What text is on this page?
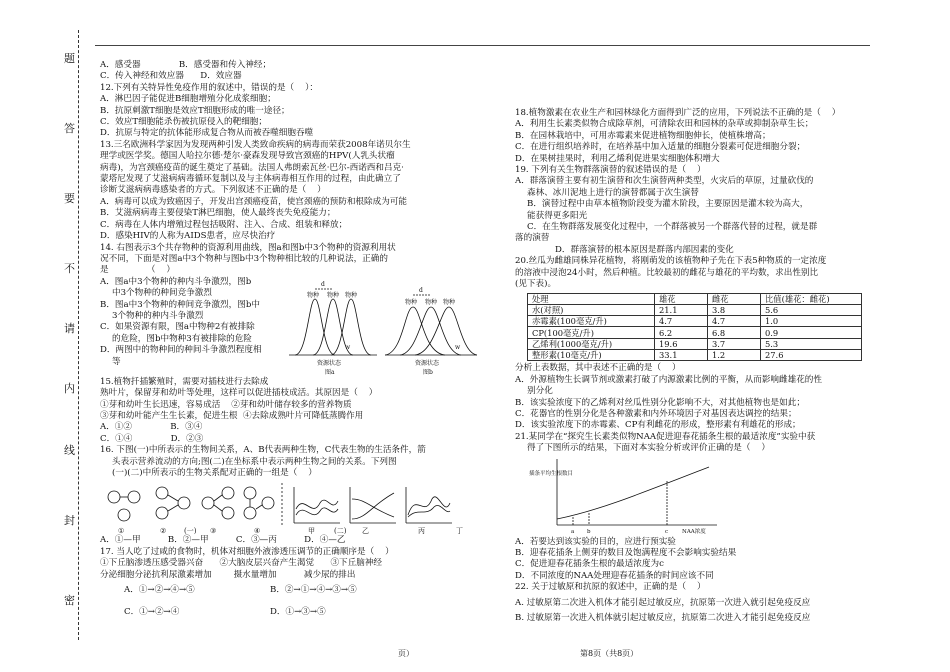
题
答
要
不
请
内
线
封
密
A．感受器              B．感受器和传入神经；
C．传入神经和效应器      D．效应器
12.下列有关特异性免疫作用的叙述中，错误的是（    ）：
A．淋巴因子能促进B细胞增殖分化成浆细胞；
B．抗原刺激T细胞是效应T细胞形成的唯一途径；
C．效应T细胞能杀伤被抗原侵入的靶细胞；
D．抗原与特定的抗体能形成复合物从而被吞噬细胞吞噬
13.三名欧洲科学家因为发现两种引发人类致命疾病的病毒而荣获2008年诺贝尔生
理学或医学奖。德国人哈拉尔德·楚尔·豪森发现导致宫颈癌的HPV(人乳头状瘤
病毒)，为宫颈癌疫苗的诞生奠定了基础。法国人弗朗索瓦丝·巴尔-西诺西和吕克·
蒙塔尼发现了艾滋病病毒循环复制以及与主体病毒相互作用的过程，由此确立了
诊断艾滋病病毒感染者的方式。下列叙述不正确的是（    ）
A．病毒可以成为致癌因子，开发出宫颈癌疫苗，使宫颈癌的预防和根除成为可能
B．艾滋病病毒主要侵染T淋巴细胞，使人最终丧失免疫能力；
C．病毒在人体内增殖过程包括吸附、注入、合成、组装和释放；
D．感染HIV的人称为AIDS患者，应尽快治疗
14. 右图表示3个共存物种的资源利用曲线，图a和图b中3个物种的资源利用状
况不同，下面是对图a中3个物种与图b中3个物种相比较的几种说法，正确的
是              （    ）
A．图a中3个物种的种内斗争激烈，图b
中3个物种的种间竞争激烈
B．图a中3个物种的种间竞争激烈，图b中
3个物种的种内斗争激烈
C．如果资源有限，图a中物种2有被排除
的危险，图b中物种3有被排除的危险
D．两图中的物种间的种间斗争激烈程度相
等
d
d
物种 物种 物种
物种 物种 物种
w	w
资源状态
图a
资源状态
图b
15.植物扦插繁殖时，需要对插枝进行去除成
熟叶片，保留芽和幼叶等处理，这样可以促进插枝成活。其原因是（    ）
①芽和幼叶生长迅速，容易成活    ②芽和幼叶储存较多的营养物质
③芽和幼叶能产生生长素，促进生根  ④去除成熟叶片可降低蒸腾作用
A．①②              B．③④
C．①④              D．②③
16. 下图(一)中所表示的生物间关系，A、B代表两种生物，C代表生物的生活条件，箭
头表示营养流动的方向;图(二)在坐标系中表示两种生物之间的关系。下列图
(一)(二)中所表示的生物关系配对正确的一组是（    ）
①	②	③	④	甲	乙	丙	丁
(一)	(二)
A．①—甲          B．②—甲          C．③—丙          D．④—乙
17. 当人吃了过咸的食物时，机体对细胞外液渗透压调节的正确顺序是（    ）
①下丘脑渗透压感受器兴奋      ②大脑皮层兴奋产生渴觉      ③下丘脑神经
分泌细胞分泌抗利尿激素增加        摄水量增加          减少尿的排出
A．①→②→④→⑤	B．②→①→④→③→⑤
C．①→②→④	D．①→③→⑤
页）
18.植物激素在农业生产和园林绿化方面得到广泛的应用，下列说法不正确的是（    ）
A．利用生长素类似物合成除草剂，可清除农田和园林的杂草或抑制杂草生长；
B．在园林栽培中，可用赤霉素来促进植物细胞伸长，使植株增高；
C．在进行组织培养时，在培养基中加入适量的细胞分裂素可促进细胞分裂；
D．在果树挂果时，利用乙烯利促进果实细胞体积增大
19. 下列有关生物群落演替的叙述错误的是（    ）
A．群落演替主要有初生演替和次生演替两种类型，火灾后的草原，过量砍伐的
森林、冰川泥地上进行的演替都属于次生演替
B．演替过程中由草本植物阶段变为灌木阶段，主要原因是灌木较为高大，
能获得更多阳光
C．在生物群落发展变化过程中，一个群落被另一个群落代替的过程，就是群
落的演替
D．群落演替的根本原因是群落内部因素的变化
20.丝瓜为雌雄同株异花植物，将刚萌发的该植物种子先在下表5种物质的一定浓度
的溶液中浸泡24小时，然后种植。比较最初的雌花与雄花的平均数，求出性别比
(见下表)。
处理	雄花	雌花	比值(雄花：雌花)
水(对照)	21.1	3.8	5.6
赤霉素(100毫克/升)	4.7	4.7	1.0
CP(100毫克/升)	6.2	6.8	0.9
乙烯利(1000毫克/升)	19.6	3.7	5.3
整形素(10毫克/升)	33.1	1.2	27.6
分析上表数据，其中表述不正确的是（    ）
A．外源植物生长调节剂或激素打破了内源激素比例的平衡，从而影响雌雄花的性
别分化
B．该实验浓度下的乙烯利对丝瓜性别分化影响不大，对其他植物也是如此；
C．花器官的性别分化是各种激素和内外环境因子对基因表达调控的结果；
D．该实验浓度下的赤霉素、CP有利雌花的形成，整形素有利雄花的形成；
21.某同学在“探究生长素类似物NAA促进迎春花插条生根的最适浓度”实验中获
得了下图所示的结果，下面对本实验分析或评价正确的是（    ）
插条平均生根数目
a b	c	NAA浓度
A．若要达到该实验的目的，应进行预实验
B．迎春花插条上侧芽的数目及饱满程度不会影响实验结果
C．促进迎春花插条生根的最适浓度为c
D．不同浓度的NAA处理迎春花插条的时间应该不同
22. 关于过敏原和抗原的叙述中，正确的是（    ）
A. 过敏原第二次进入机体才能引起过敏反应，抗原第一次进入就引起免疫反应
B. 过敏原第一次进入机体就引起过敏反应，抗原第二次进入才能引起免疫反应
第8页（共8页）
